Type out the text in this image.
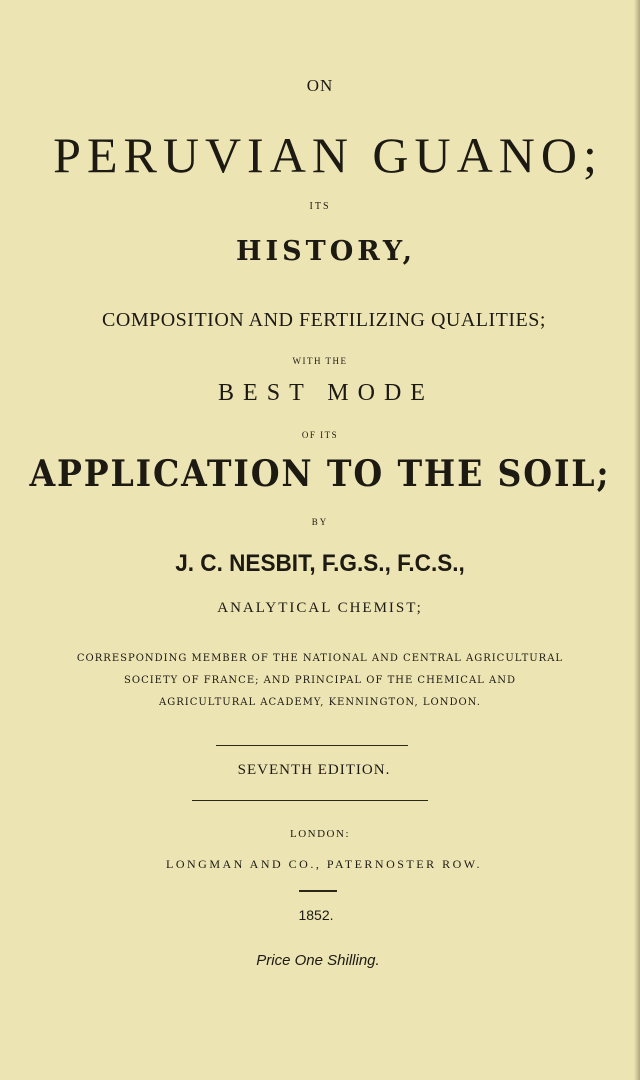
ON
PERUVIAN GUANO;
ITS
HISTORY,
COMPOSITION AND FERTILIZING QUALITIES;
WITH THE
BEST MODE
OF ITS
APPLICATION TO THE SOIL;
BY
J. C. NESBIT, F.G.S., F.C.S.,
ANALYTICAL CHEMIST;
CORRESPONDING MEMBER OF THE NATIONAL AND CENTRAL AGRICULTURAL
SOCIETY OF FRANCE; AND PRINCIPAL OF THE CHEMICAL AND
AGRICULTURAL ACADEMY, KENNINGTON, LONDON.
SEVENTH EDITION.
LONDON:
LONGMAN AND CO., PATERNOSTER ROW.
1852.
Price One Shilling.
